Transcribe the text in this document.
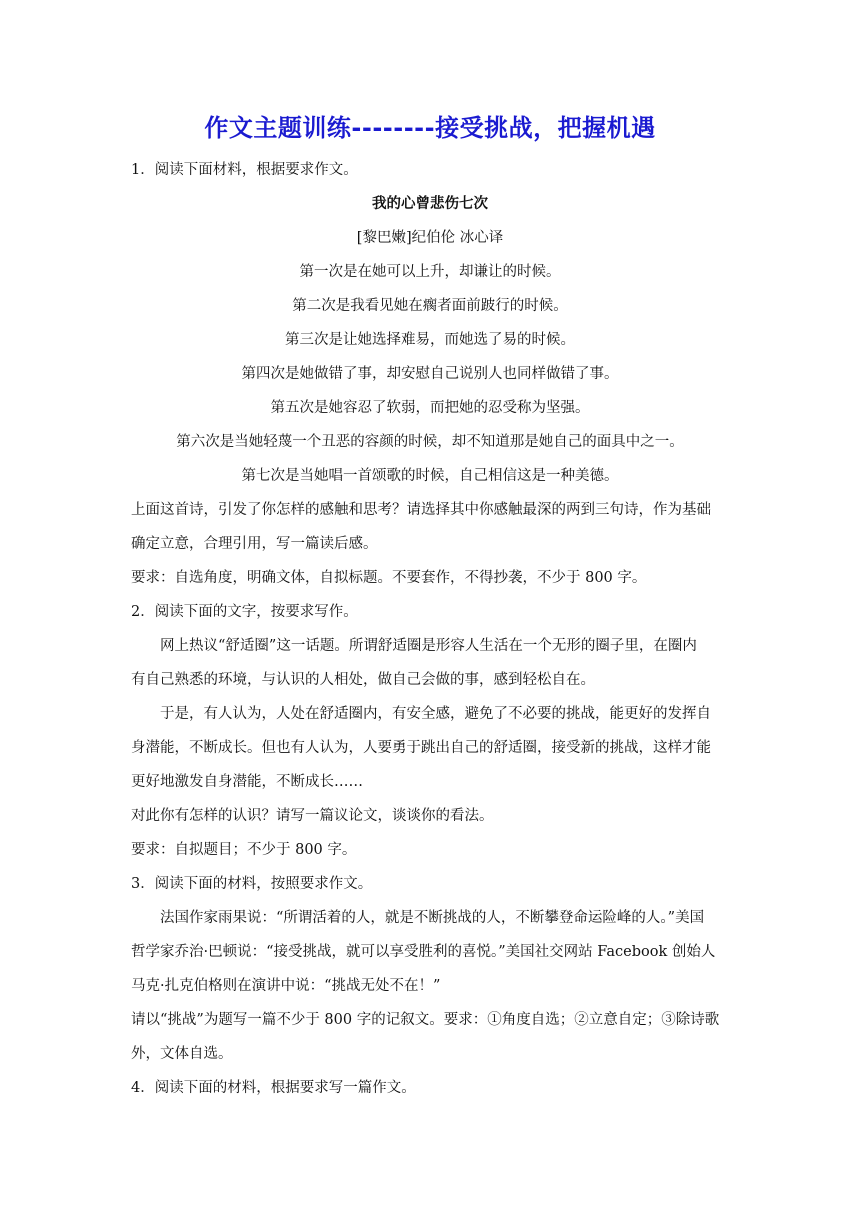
作文主题训练--------接受挑战，把握机遇
1．阅读下面材料，根据要求作文。
我的心曾悲伤七次
[黎巴嫩]纪伯伦 冰心译
第一次是在她可以上升，却谦让的时候。
第二次是我看见她在瘸者面前跛行的时候。
第三次是让她选择难易，而她选了易的时候。
第四次是她做错了事，却安慰自己说别人也同样做错了事。
第五次是她容忍了软弱，而把她的忍受称为坚强。
第六次是当她轻蔑一个丑恶的容颜的时候，却不知道那是她自己的面具中之一。
第七次是当她唱一首颂歌的时候，自己相信这是一种美德。
上面这首诗，引发了你怎样的感触和思考？请选择其中你感触最深的两到三句诗，作为基础
确定立意，合理引用，写一篇读后感。
要求：自选角度，明确文体，自拟标题。不要套作，不得抄袭，不少于 800 字。
2．阅读下面的文字，按要求写作。
网上热议“舒适圈”这一话题。所谓舒适圈是形容人生活在一个无形的圈子里，在圈内
有自己熟悉的环境，与认识的人相处，做自己会做的事，感到轻松自在。
于是，有人认为，人处在舒适圈内，有安全感，避免了不必要的挑战，能更好的发挥自
身潜能，不断成长。但也有人认为，人要勇于跳出自己的舒适圈，接受新的挑战，这样才能
更好地激发自身潜能，不断成长……
对此你有怎样的认识？请写一篇议论文，谈谈你的看法。
要求：自拟题目；不少于 800 字。
3．阅读下面的材料，按照要求作文。
法国作家雨果说：“所谓活着的人，就是不断挑战的人，不断攀登命运险峰的人。”美国
哲学家乔治·巴顿说：“接受挑战，就可以享受胜利的喜悦。”美国社交网站 Facebook 创始人
马克·扎克伯格则在演讲中说：“挑战无处不在！”
请以“挑战”为题写一篇不少于 800 字的记叙文。要求：①角度自选；②立意自定；③除诗歌
外，文体自选。
4．阅读下面的材料，根据要求写一篇作文。
